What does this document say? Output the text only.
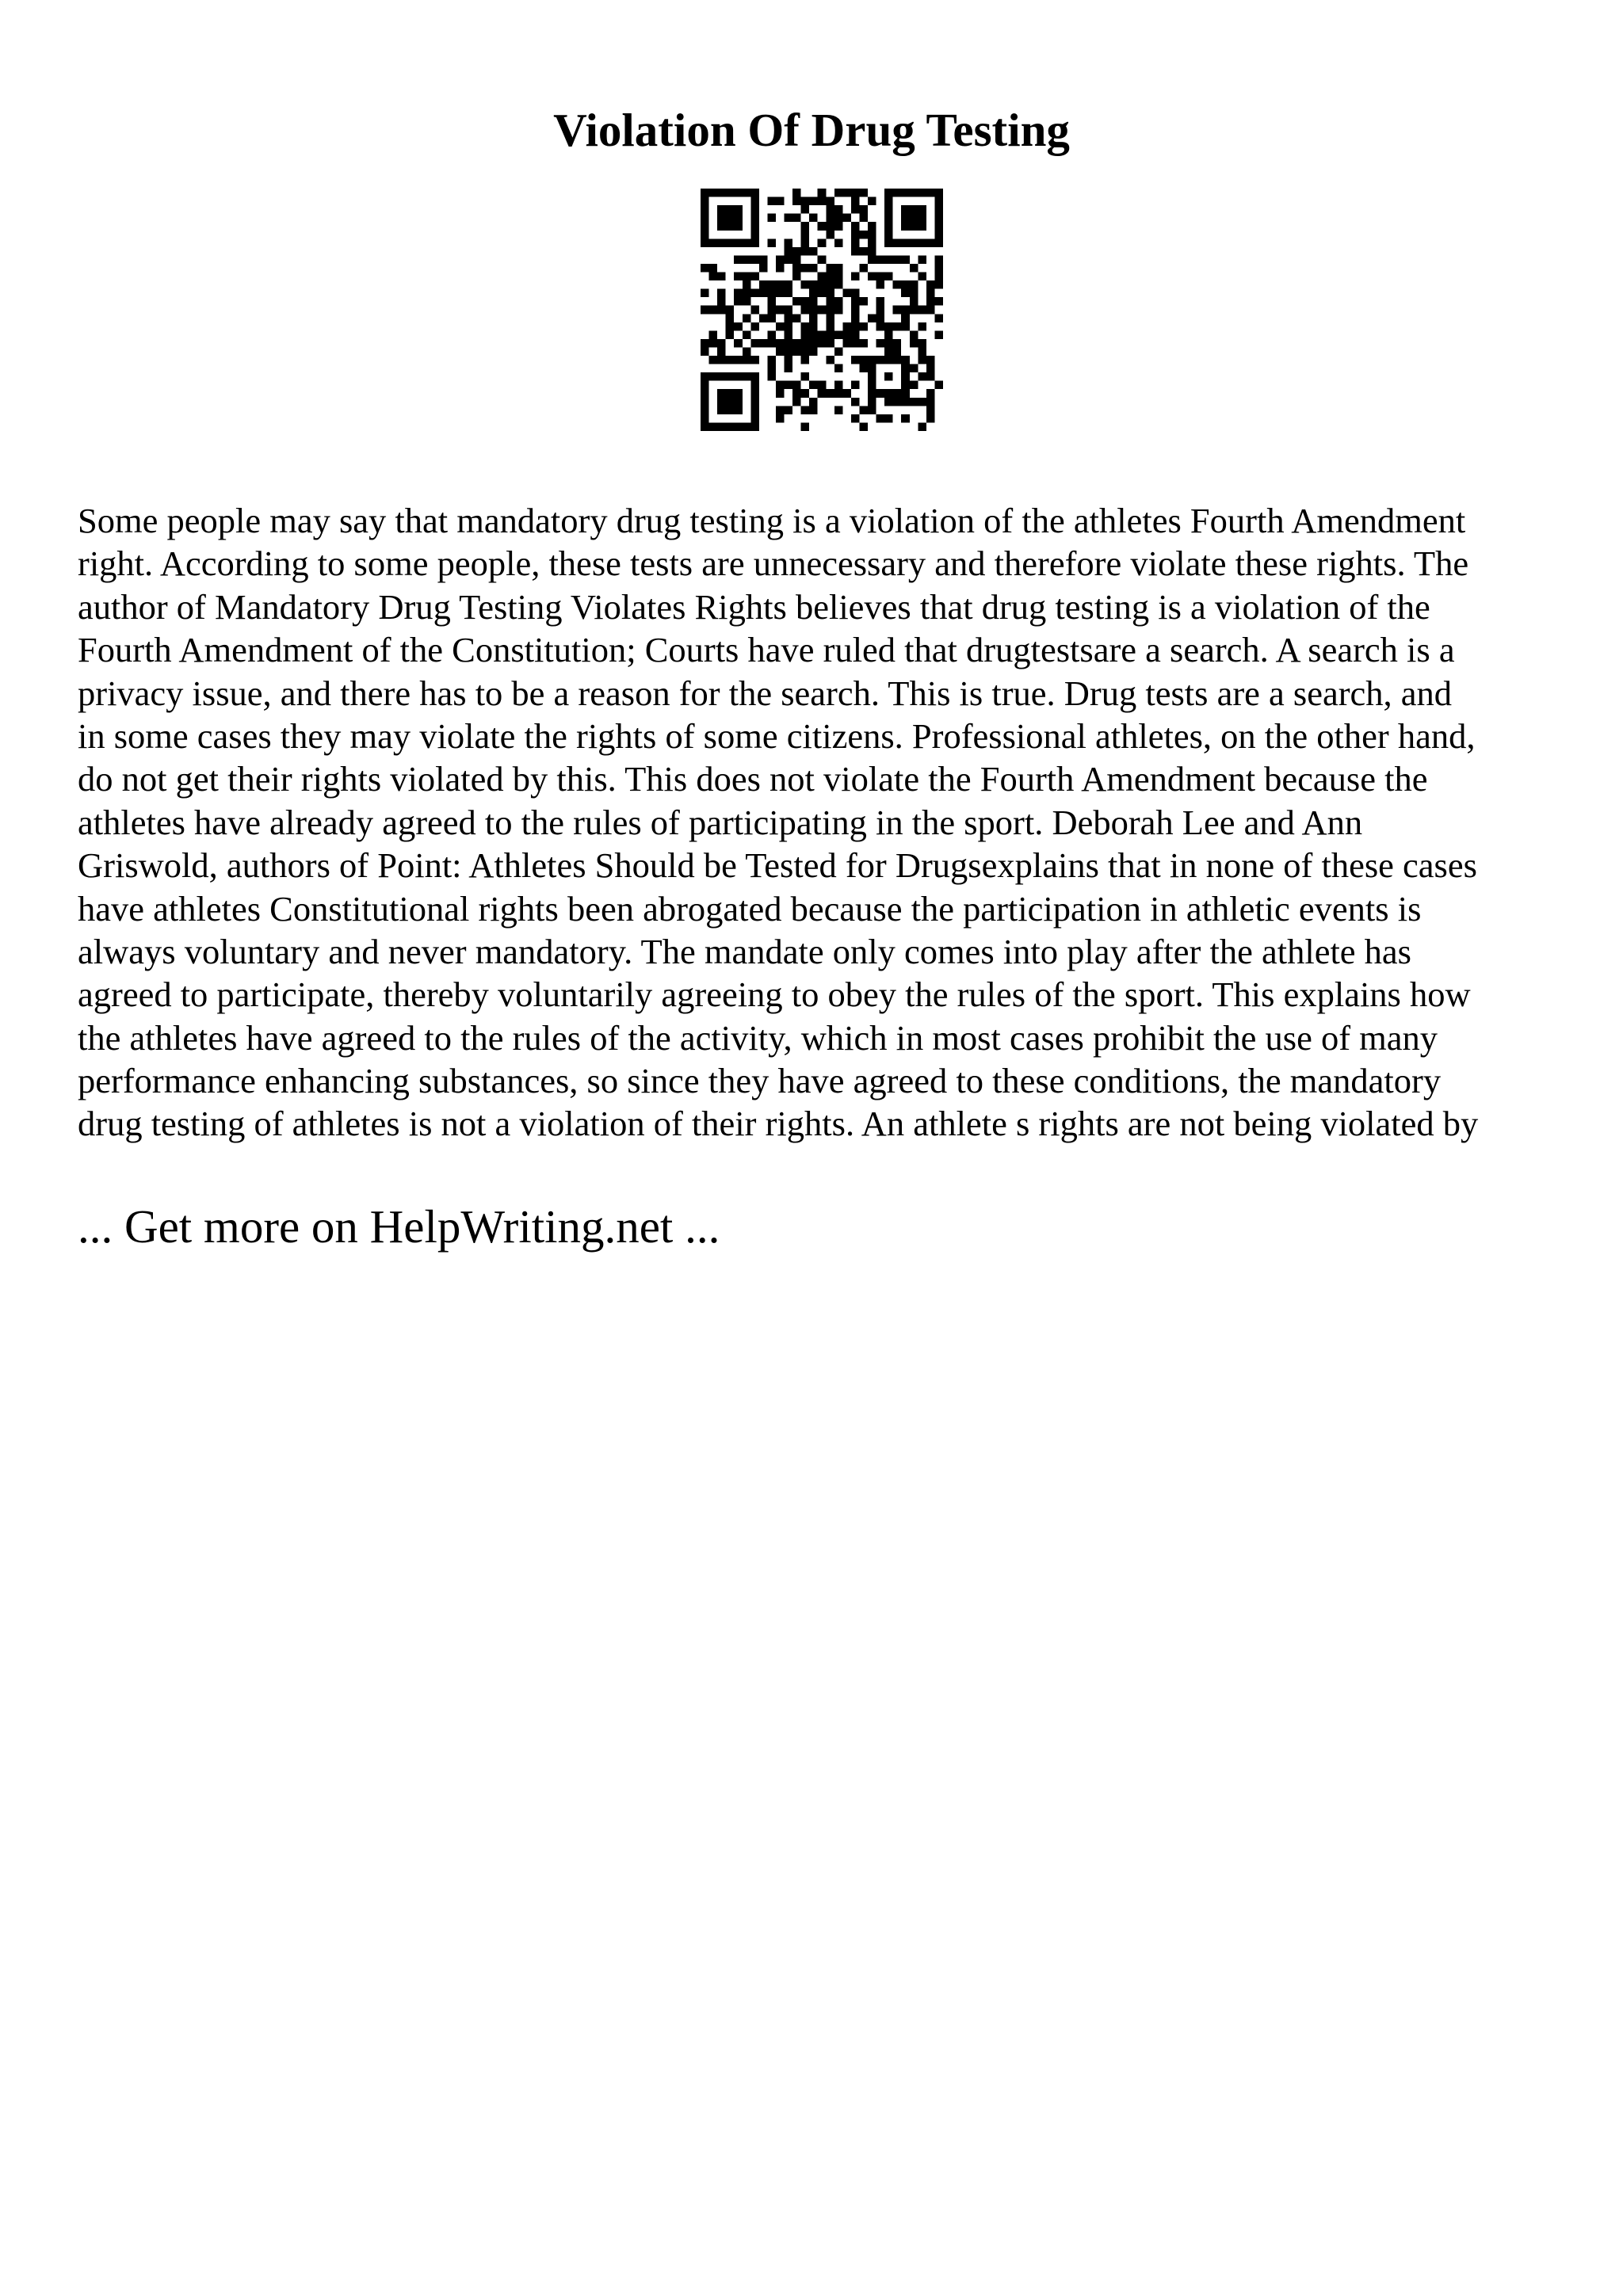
Violation Of Drug Testing
Some people may say that mandatory drug testing is a violation of the athletes Fourth Amendment
right. According to some people, these tests are unnecessary and therefore violate these rights. The
author of Mandatory Drug Testing Violates Rights believes that drug testing is a violation of the
Fourth Amendment of the Constitution; Courts have ruled that drugtestsare a search. A search is a
privacy issue, and there has to be a reason for the search. This is true. Drug tests are a search, and
in some cases they may violate the rights of some citizens. Professional athletes, on the other hand,
do not get their rights violated by this. This does not violate the Fourth Amendment because the
athletes have already agreed to the rules of participating in the sport. Deborah Lee and Ann
Griswold, authors of Point: Athletes Should be Tested for Drugsexplains that in none of these cases
have athletes Constitutional rights been abrogated because the participation in athletic events is
always voluntary and never mandatory. The mandate only comes into play after the athlete has
agreed to participate, thereby voluntarily agreeing to obey the rules of the sport. This explains how
the athletes have agreed to the rules of the activity, which in most cases prohibit the use of many
performance enhancing substances, so since they have agreed to these conditions, the mandatory
drug testing of athletes is not a violation of their rights. An athlete s rights are not being violated by
... Get more on HelpWriting.net ...
